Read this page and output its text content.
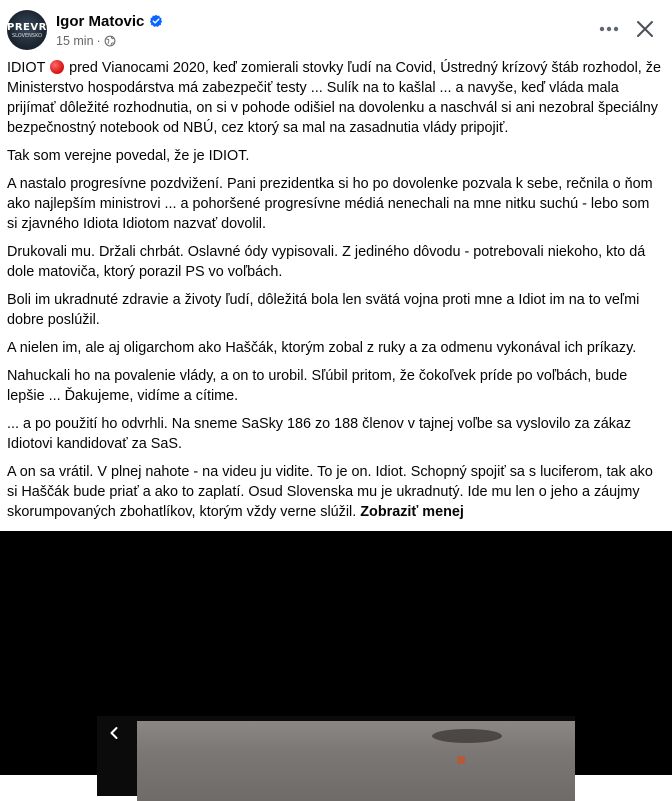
PREVRAT
SLOVENSKO
Igor Matovic
15 min ·

IDIOT  pred Vianocami 2020, keď zomierali stovky ľudí na Covid, Ústredný krízový štáb rozhodol, že Ministerstvo hospodárstva má zabezpečiť testy ... Sulík na to kašlal ... a navyše, keď vláda mala prijímať dôležité rozhodnutia, on si v pohode odišiel na dovolenku a naschvál si ani nezobral špeciálny bezpečnostný notebook od NBÚ, cez ktorý sa mal na zasadnutia vlády pripojiť.

Tak som verejne povedal, že je IDIOT.

A nastalo progresívne pozdvižení. Pani prezidentka si ho po dovolenke pozvala k sebe, rečnila o ňom ako najlepším ministrovi ... a pohoršené progresívne médiá nenechali na mne nitku suchú - lebo som si zjavného Idiota Idiotom nazvať dovolil.

Drukovali mu. Držali chrbát. Oslavné ódy vypisovali. Z jediného dôvodu - potrebovali niekoho, kto dá dole matoviča, ktorý porazil PS vo voľbách.

Boli im ukradnuté zdravie a životy ľudí, dôležitá bola len svätá vojna proti mne a Idiot im na to veľmi dobre poslúžil.

A nielen im, ale aj oligarchom ako Haščák, ktorým zobal z ruky a za odmenu vykonával ich príkazy.

Nahuckali ho na povalenie vlády, a on to urobil. Sľúbil pritom, že čokoľvek príde po voľbách, bude lepšie ... Ďakujeme, vidíme a cítime.

... a po použití ho odvrhli. Na sneme SaSky 186 zo 188 členov v tajnej voľbe sa vyslovilo za zákaz Idiotovi kandidovať za SaS.

A on sa vrátil. V plnej nahote - na videu ju vidite. To je on. Idiot. Schopný spojiť sa s luciferom, tak ako si Haščák bude priať a ako to zaplatí. Osud Slovenska mu je ukradnutý. Ide mu len o jeho a záujmy skorumpovaných zbohatlíkov, ktorým vždy verne slúžil. Zobraziť menej
